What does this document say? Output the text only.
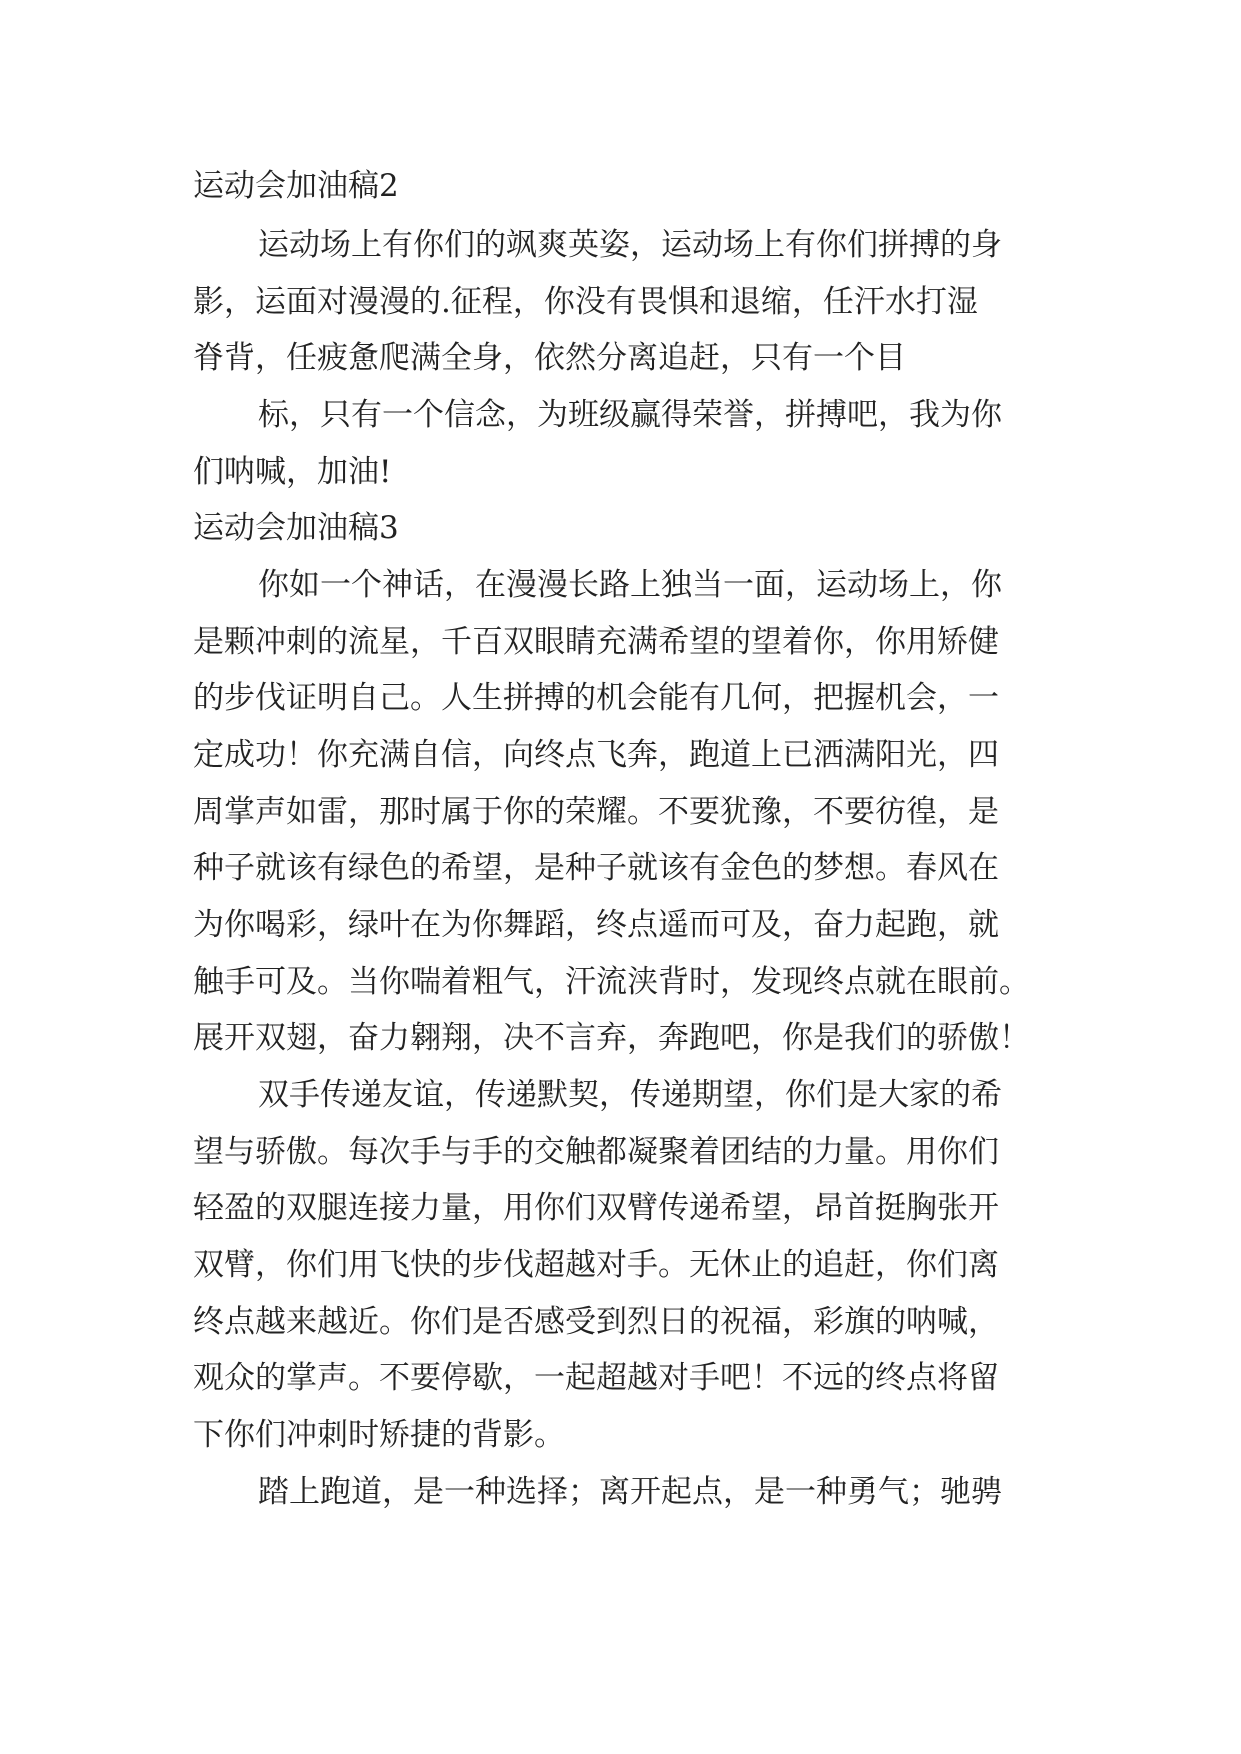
运动会加油稿2
运动场上有你们的飒爽英姿，运动场上有你们拼搏的身
影，运面对漫漫的.征程，你没有畏惧和退缩，任汗水打湿
脊背，任疲惫爬满全身，依然分离追赶，只有一个目
标，只有一个信念，为班级赢得荣誉，拼搏吧，我为你
们呐喊，加油!
运动会加油稿3
你如一个神话，在漫漫长路上独当一面，运动场上，你
是颗冲刺的流星，千百双眼睛充满希望的望着你，你用矫健
的步伐证明自己。人生拼搏的机会能有几何，把握机会，一
定成功！你充满自信，向终点飞奔，跑道上已洒满阳光，四
周掌声如雷，那时属于你的荣耀。不要犹豫，不要彷徨，是
种子就该有绿色的希望，是种子就该有金色的梦想。春风在
为你喝彩，绿叶在为你舞蹈，终点遥而可及，奋力起跑，就
触手可及。当你喘着粗气，汗流浃背时，发现终点就在眼前。
展开双翅，奋力翱翔，决不言弃，奔跑吧，你是我们的骄傲！
双手传递友谊，传递默契，传递期望，你们是大家的希
望与骄傲。每次手与手的交触都凝聚着团结的力量。用你们
轻盈的双腿连接力量，用你们双臂传递希望，昂首挺胸张开
双臂，你们用飞快的步伐超越对手。无休止的追赶，你们离
终点越来越近。你们是否感受到烈日的祝福，彩旗的呐喊，
观众的掌声。不要停歇，一起超越对手吧！不远的终点将留
下你们冲刺时矫捷的背影。
踏上跑道，是一种选择；离开起点，是一种勇气；驰骋
